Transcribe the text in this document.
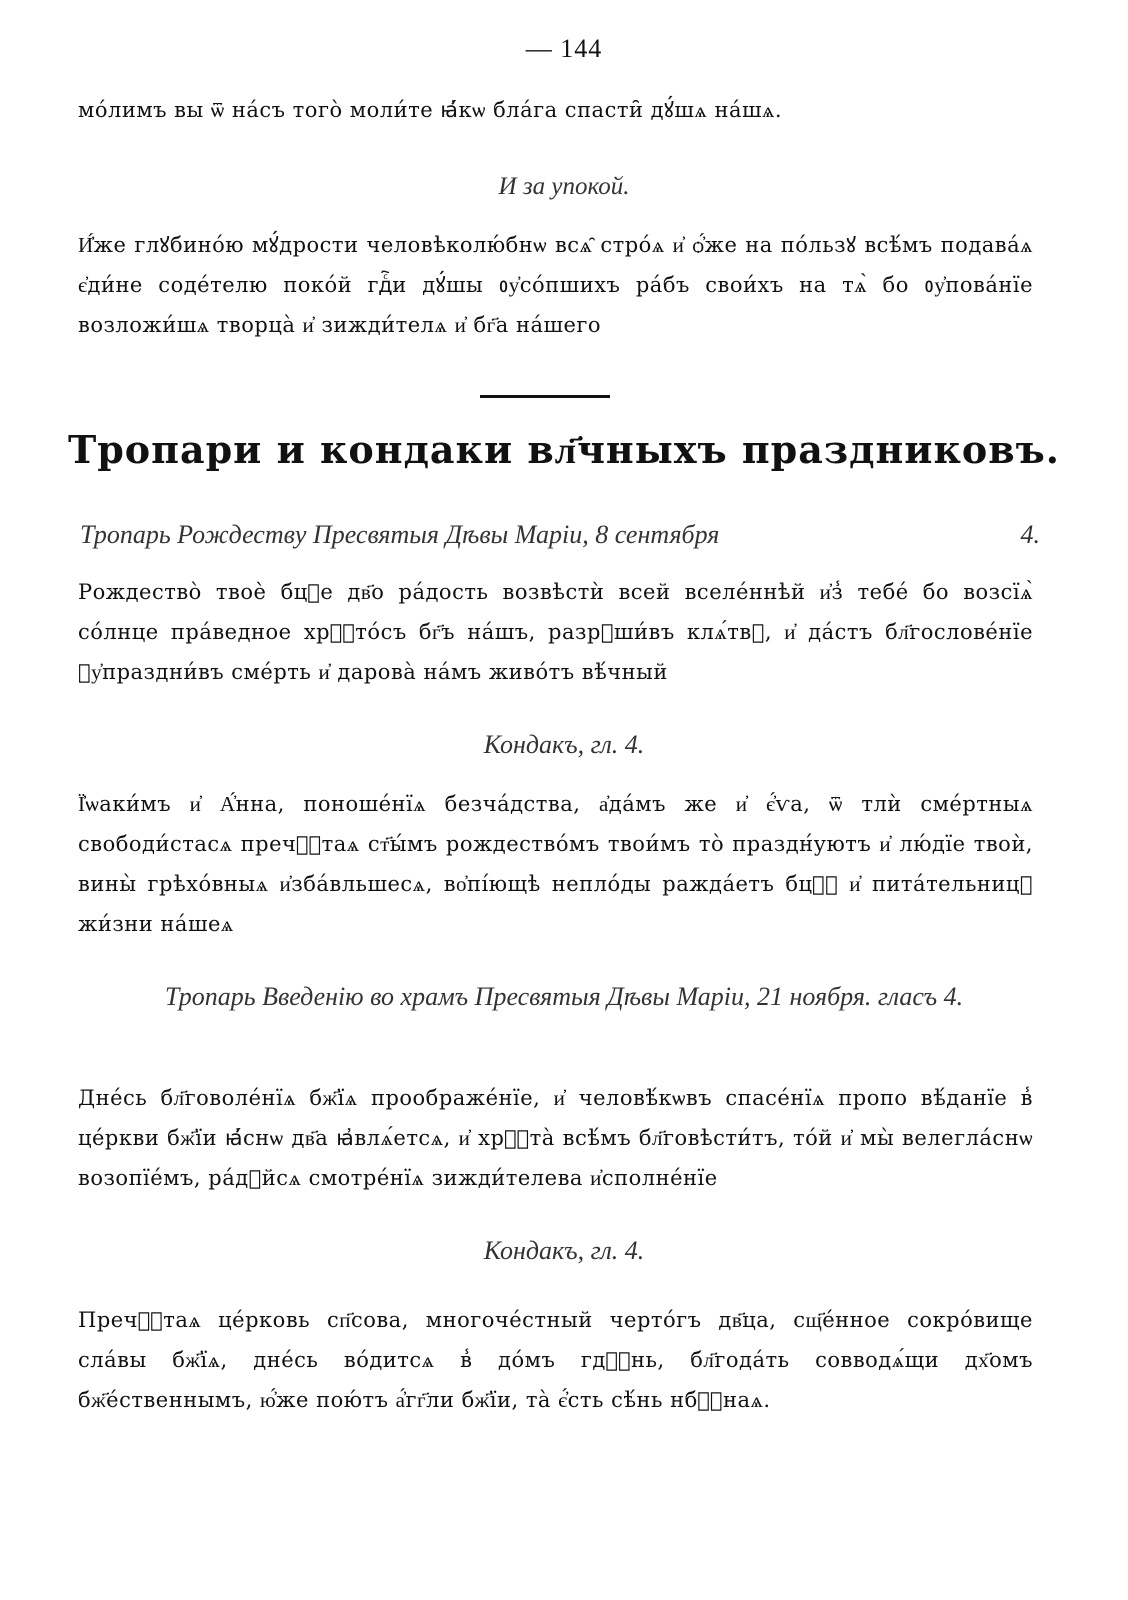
— 144
мо́лимъ вы ѿ на́съ того̀ моли́те ꙗ҆́кѡ бла́га спасти̑ дꙋ́шѧ на́шѧ.
И за упокой.
И҆́же глꙋбино́ю мꙋ́дрости человѣколю́бнѡ всѧ̑ стро́ѧ и҆ ѻ҆́же на по́льзꙋ всѣ́мъ подава́ѧ є҆ди́не соде́телю поко́й гдⷭ҇и дꙋ́шы ᲂу҆со́пшихъ ра́бъ свои́хъ на тѧ̀ бо ᲂу҆пова́нїе возложи́шѧ творца̀ и҆ зижди́телѧ и҆ бг҃а на́шего
Тропари и кондаки вл҃чныхъ праздниковъ.
Тропарь Рождеству Пресвятыя Дѣвы Маріи, 8 сентября	4.
Рождество̀ твоѐ бцⷣе дв҃о ра́дость возвѣстѝ всей вселе́ннѣй и҆з̾ тебе́ бо возсїѧ̀ со́лнце пра́ведное хрⷭ҇то́съ бг҃ъ на́шъ, разрꙋши́въ клѧ́твꙋ, и҆ да́стъ бл҃гослове́нїе ᲂу҆праздни́въ сме́рть и҆ дарова̀ на́мъ живо́тъ вѣ́чный
Кондакъ, гл. 4.
Ї҆ѡаки́мъ и҆ А҆́нна, поноше́нїѧ безча́дства, а҆да́мъ же и҆ є҆́ѵа, ѿ тлѝ сме́ртныѧ свободи́стасѧ пречⷭ҇таѧ ст҃ы́мъ рождество́мъ твои́мъ то̀ праздн́уютъ и҆ лю́дїе твоѝ, вины̀ грѣхо́вныѧ и҆зба́вльшесѧ, во҆пі́ющѣ непло́ды ражда́етъ бцⷣꙋ и҆ пита́тельницꙋ жи́зни на́шеѧ
Тропарь Введенію во храмъ Пресвятыя Дѣвы Маріи, 21 ноября. гласъ 4.
Дне́сь бл҃говоле́нїѧ бж҃їѧ проображе́нїе, и҆ человѣ́кѡвъ спасе́нїѧ пропо вѣ́данїе в̾ це́ркви бж҃їи ꙗ҆́снѡ дв҃а ꙗ҆влѧ́етсѧ, и҆ хрⷭ҇та̀ всѣ́мъ бл҃говѣсти́тъ, то́й и҆ мы̀ велегла́снѡ возопїе́мъ, ра́дꙋйсѧ смотре́нїѧ зижди́телева и҆сполне́нїе
Кондакъ, гл. 4.
Пречⷭ҇таѧ це́рковь сп҃сова, многоче́стный черто́гъ дв҃ца, сщ҃е́нное сокро́вище сла́вы бж҃їѧ, дне́сь во́дитсѧ в̾ до́мъ гдⷭ҇нь, бл҃года́ть совводѧ́щи дх҃омъ бж҃е́ственнымъ, ю҆́же пою́тъ а҆́гг҃ли бж҃їи, та̀ є҆́сть сѣ́нь нбⷭ҇наѧ.
